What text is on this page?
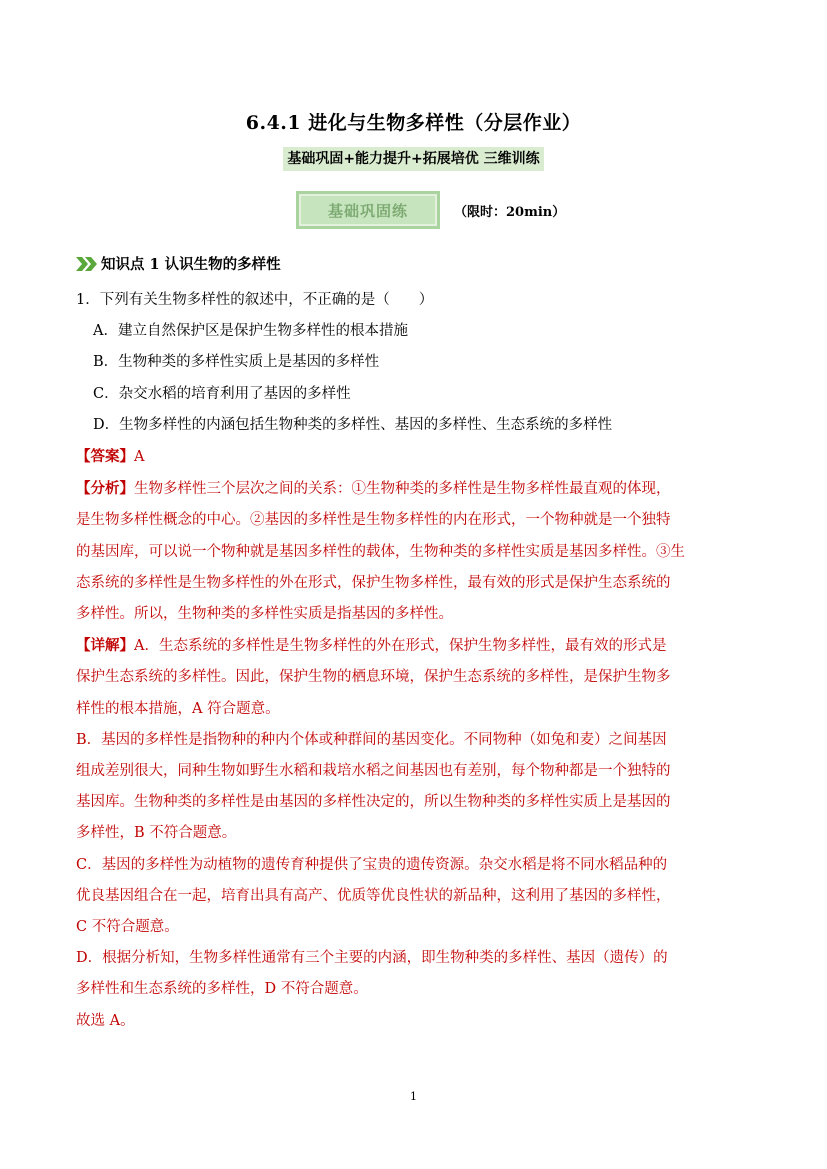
6.4.1 进化与生物多样性（分层作业）
基础巩固+能力提升+拓展培优 三维训练
基础巩固练	（限时：20min）
知识点 1 认识生物的多样性
1．下列有关生物多样性的叙述中，不正确的是（　　）
A．建立自然保护区是保护生物多样性的根本措施
B．生物种类的多样性实质上是基因的多样性
C．杂交水稻的培育利用了基因的多样性
D．生物多样性的内涵包括生物种类的多样性、基因的多样性、生态系统的多样性
【答案】A
【分析】生物多样性三个层次之间的关系：①生物种类的多样性是生物多样性最直观的体现，
是生物多样性概念的中心。②基因的多样性是生物多样性的内在形式，一个物种就是一个独特
的基因库，可以说一个物种就是基因多样性的载体，生物种类的多样性实质是基因多样性。③生
态系统的多样性是生物多样性的外在形式，保护生物多样性，最有效的形式是保护生态系统的
多样性。所以，生物种类的多样性实质是指基因的多样性。
【详解】A．生态系统的多样性是生物多样性的外在形式，保护生物多样性，最有效的形式是
保护生态系统的多样性。因此，保护生物的栖息环境，保护生态系统的多样性，是保护生物多
样性的根本措施，A 符合题意。
B．基因的多样性是指物种的种内个体或种群间的基因变化。不同物种（如兔和麦）之间基因
组成差别很大，同种生物如野生水稻和栽培水稻之间基因也有差别，每个物种都是一个独特的
基因库。生物种类的多样性是由基因的多样性决定的，所以生物种类的多样性实质上是基因的
多样性，B 不符合题意。
C．基因的多样性为动植物的遗传育种提供了宝贵的遗传资源。杂交水稻是将不同水稻品种的
优良基因组合在一起，培育出具有高产、优质等优良性状的新品种，这利用了基因的多样性，
C 不符合题意。
D．根据分析知，生物多样性通常有三个主要的内涵，即生物种类的多样性、基因（遗传）的
多样性和生态系统的多样性，D 不符合题意。
故选 A。
1
